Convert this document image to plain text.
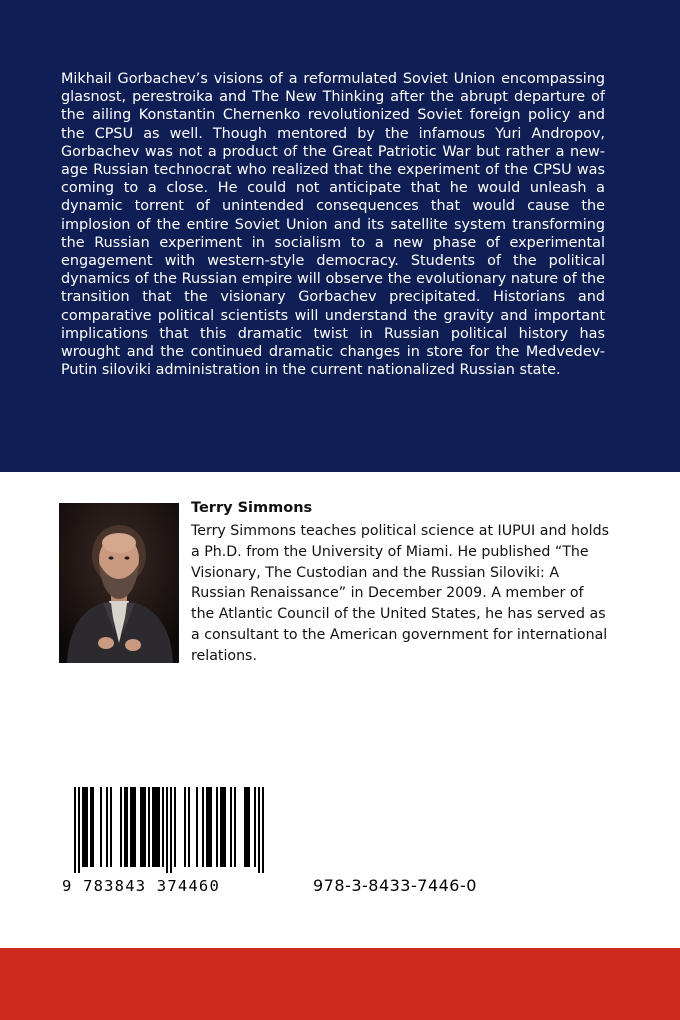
Mikhail Gorbachev’s visions of a reformulated Soviet Union encompassing glasnost, perestroika and The New Thinking after the abrupt departure of the ailing Konstantin Chernenko revolutionized Soviet foreign policy and the CPSU as well. Though mentored by the infamous Yuri Andropov, Gorbachev was not a product of the Great Patriotic War but rather a new-age Russian technocrat who realized that the experiment of the CPSU was coming to a close. He could not anticipate that he would unleash a dynamic torrent of unintended consequences that would cause the implosion of the entire Soviet Union and its satellite system transforming the Russian experiment in socialism to a new phase of experimental engagement with western-style democracy. Students of the political dynamics of the Russian empire will observe the evolutionary nature of the transition that the visionary Gorbachev precipitated. Historians and comparative political scientists will understand the gravity and important implications that this dramatic twist in Russian political history has wrought and the continued dramatic changes in store for the Medvedev-Putin siloviki administration in the current nationalized Russian state.

Terry Simmons

Terry Simmons teaches political science at IUPUI and holds a Ph.D. from the University of Miami. He published “The Visionary, The Custodian and the Russian Siloviki: A Russian Renaissance” in December 2009. A member of the Atlantic Council of the United States, he has served as a consultant to the American government for international relations.

9 783843 374460	978-3-8433-7446-0
